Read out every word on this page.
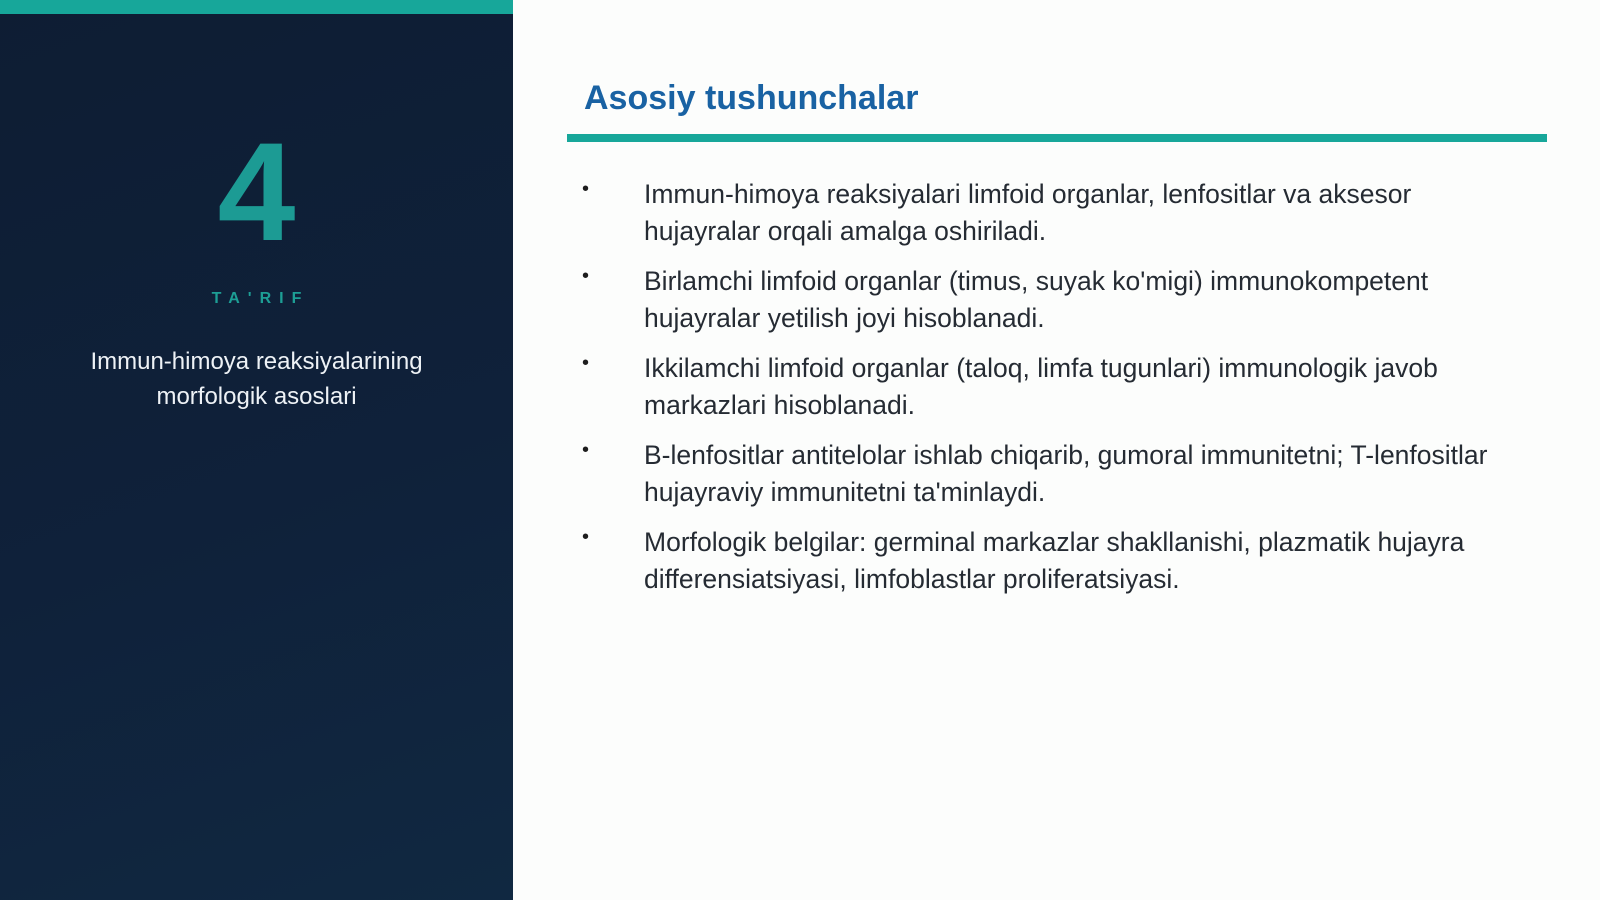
4
TA'RIF
Immun-himoya reaksiyalarining morfologik asoslari
Asosiy tushunchalar
•	Immun-himoya reaksiyalari limfoid organlar, lenfositlar va aksesor hujayralar orqali amalga oshiriladi.
•	Birlamchi limfoid organlar (timus, suyak ko'migi) immunokompetent hujayralar yetilish joyi hisoblanadi.
•	Ikkilamchi limfoid organlar (taloq, limfa tugunlari) immunologik javob markazlari hisoblanadi.
•	B-lenfositlar antitelolar ishlab chiqarib, gumoral immunitetni; T-lenfositlar hujayraviy immunitetni ta'minlaydi.
•	Morfologik belgilar: germinal markazlar shakllanishi, plazmatik hujayra differensiatsiyasi, limfoblastlar proliferatsiyasi.
